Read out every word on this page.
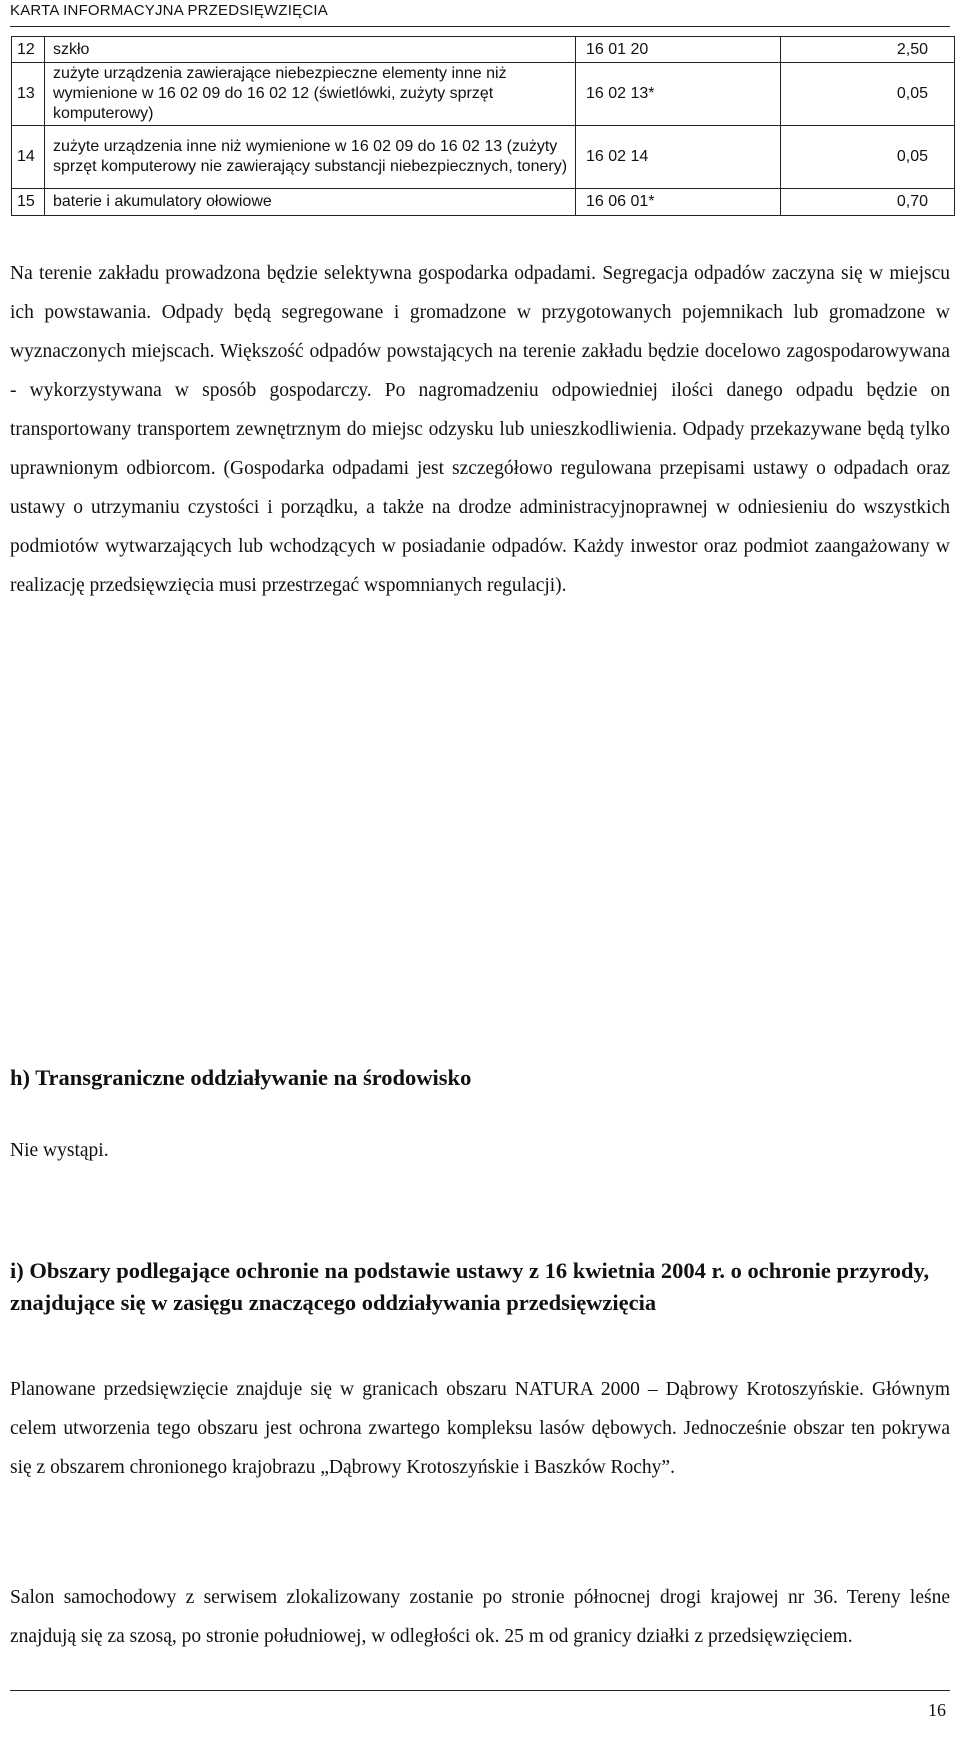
KARTA INFORMACYJNA PRZEDSIĘWZIĘCIA
12	szkło	16 01 20	2,50
13	zużyte urządzenia zawierające niebezpieczne elementy inne niż wymienione w 16 02 09 do 16 02 12 (świetlówki, zużyty sprzęt komputerowy)	16 02 13*	0,05
14	zużyte urządzenia inne niż wymienione w 16 02 09 do 16 02 13 (zużyty sprzęt komputerowy nie zawierający substancji niebezpiecznych, tonery)	16 02 14	0,05
15	baterie i akumulatory ołowiowe	16 06 01*	0,70

Na terenie zakładu prowadzona będzie selektywna gospodarka odpadami. Segregacja odpadów zaczyna się w miejscu ich powstawania. Odpady będą segregowane i gromadzone w przygotowanych pojemnikach lub gromadzone w wyznaczonych miejscach. Większość odpadów powstających na terenie zakładu będzie docelowo zagospodarowywana - wykorzystywana w sposób gospodarczy. Po nagromadzeniu odpowiedniej ilości danego odpadu będzie on transportowany transportem zewnętrznym do miejsc odzysku lub unieszkodliwienia. Odpady przekazywane będą tylko uprawnionym odbiorcom. (Gospodarka odpadami jest szczegółowo regulowana przepisami ustawy o odpadach oraz ustawy o utrzymaniu czystości i porządku, a także na drodze administracyjnoprawnej w odniesieniu do wszystkich podmiotów wytwarzających lub wchodzących w posiadanie odpadów. Każdy inwestor oraz podmiot zaangażowany w realizację przedsięwzięcia musi przestrzegać wspomnianych regulacji).

h) Transgraniczne oddziaływanie na środowisko
Nie wystąpi.
i) Obszary podlegające ochronie na podstawie ustawy z 16 kwietnia 2004 r. o ochronie przyrody, znajdujące się w zasięgu znaczącego oddziaływania przedsięwzięcia

Planowane przedsięwzięcie znajduje się w granicach obszaru NATURA 2000 – Dąbrowy Krotoszyńskie. Głównym celem utworzenia tego obszaru jest ochrona zwartego kompleksu lasów dębowych. Jednocześnie obszar ten pokrywa się z obszarem chronionego krajobrazu „Dąbrowy Krotoszyńskie i Baszków Rochy”.

Salon samochodowy z serwisem zlokalizowany zostanie po stronie północnej drogi krajowej nr 36. Tereny leśne znajdują się za szosą, po stronie południowej, w odległości ok. 25 m od granicy działki z przedsięwzięciem.

16
